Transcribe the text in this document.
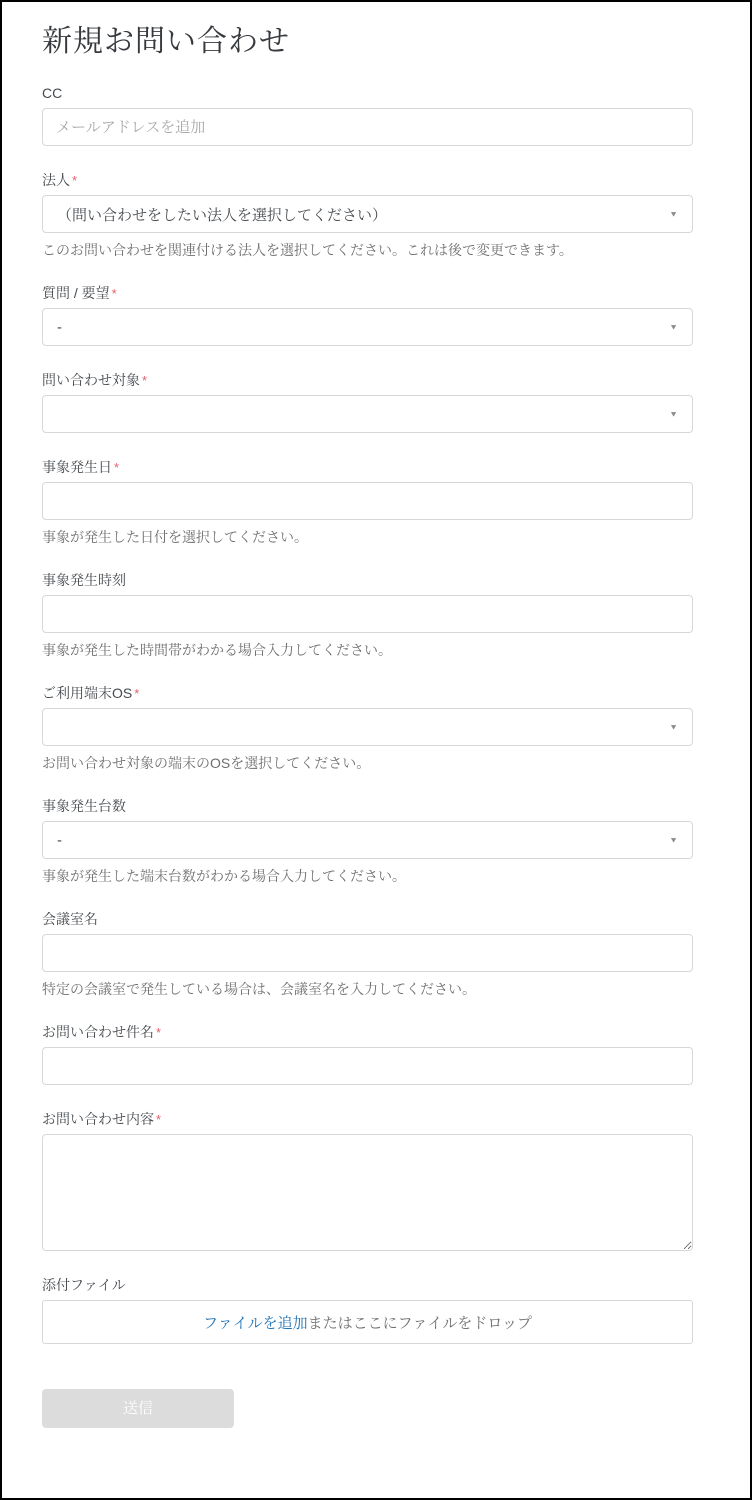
新規お問い合わせ
CC
メールアドレスを追加
法人 *
（問い合わせをしたい法人を選択してください）	▼
このお問い合わせを関連付ける法人を選択してください。これは後で変更できます。
質問 / 要望 *
-	▼
問い合わせ対象 *
▼
事象発生日 *
事象が発生した日付を選択してください。
事象発生時刻
事象が発生した時間帯がわかる場合入力してください。
ご利用端末OS *
▼
お問い合わせ対象の端末のOSを選択してください。
事象発生台数
-	▼
事象が発生した端末台数がわかる場合入力してください。
会議室名
特定の会議室で発生している場合は、会議室名を入力してください。
お問い合わせ件名 *
お問い合わせ内容 *
添付ファイル
ファイルを追加 またはここにファイルをドロップ
送信
